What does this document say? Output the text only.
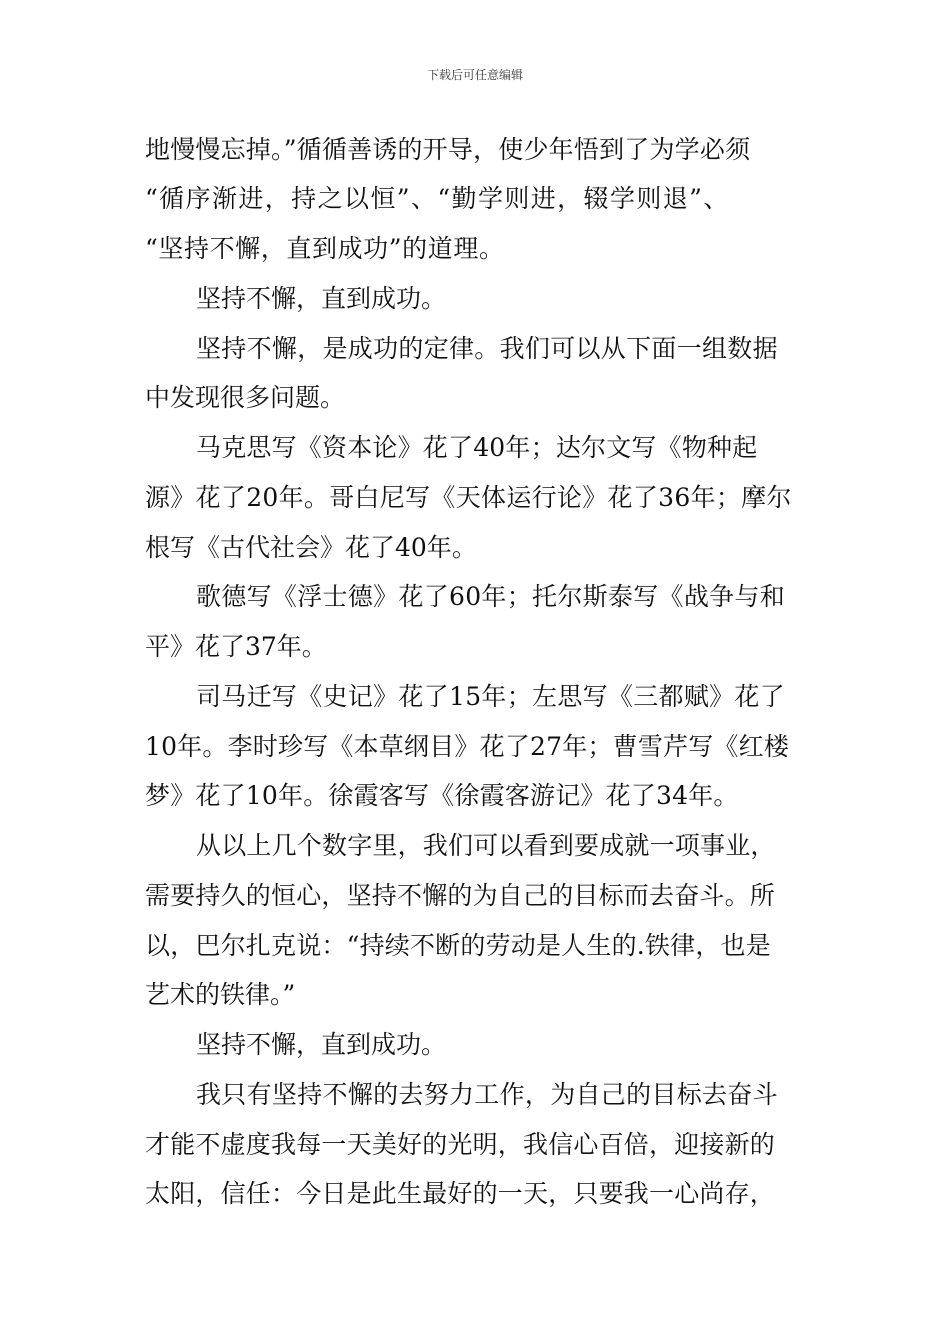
下载后可任意编辑
地慢慢忘掉。”循循善诱的开导，使少年悟到了为学必须
“循序渐进，持之以恒”、“勤学则进，辍学则退”、
“坚持不懈，直到成功”的道理。
坚持不懈，直到成功。
坚持不懈，是成功的定律。我们可以从下面一组数据
中发现很多问题。
马克思写《资本论》花了40年；达尔文写《物种起
源》花了20年。哥白尼写《天体运行论》花了36年；摩尔
根写《古代社会》花了40年。
歌德写《浮士德》花了60年；托尔斯泰写《战争与和
平》花了37年。
司马迁写《史记》花了15年；左思写《三都赋》花了
10年。李时珍写《本草纲目》花了27年；曹雪芹写《红楼
梦》花了10年。徐霞客写《徐霞客游记》花了34年。
从以上几个数字里，我们可以看到要成就一项事业，
需要持久的恒心，坚持不懈的为自己的目标而去奋斗。所
以，巴尔扎克说：“持续不断的劳动是人生的.铁律，也是
艺术的铁律。”
坚持不懈，直到成功。
我只有坚持不懈的去努力工作，为自己的目标去奋斗
才能不虚度我每一天美好的光明，我信心百倍，迎接新的
太阳，信任：今日是此生最好的一天，只要我一心尚存，
